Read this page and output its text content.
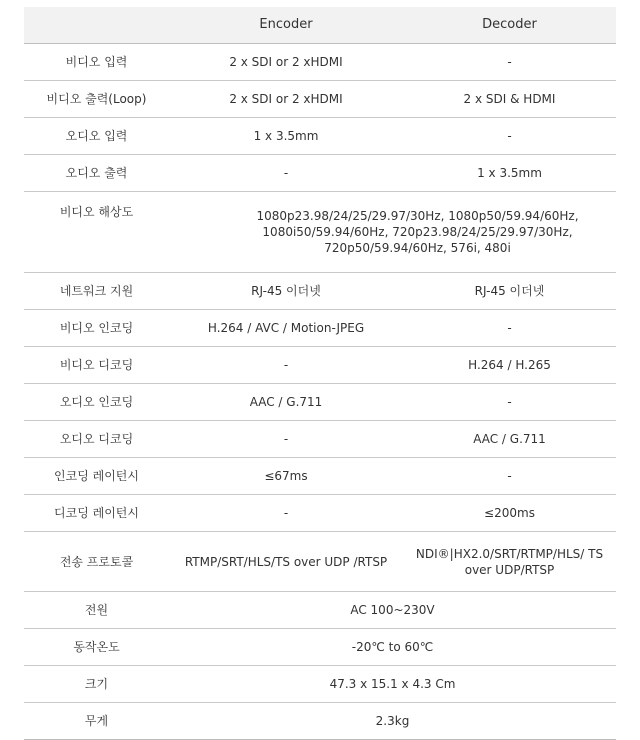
	Encoder	Decoder
비디오 입력	2 x SDI or 2 xHDMI	-
비디오 출력(Loop)	2 x SDI or 2 xHDMI	2 x SDI & HDMI
오디오 입력	1 x 3.5mm	-
오디오 출력	-	1 x 3.5mm
비디오 해상도	1080p23.98/24/25/29.97/30Hz, 1080p50/59.94/60Hz, 1080i50/59.94/60Hz, 720p23.98/24/25/29.97/30Hz, 720p50/59.94/60Hz, 576i, 480i	
네트워크 지원	RJ-45 이더넷	RJ-45 이더넷
비디오 인코딩	H.264 / AVC / Motion-JPEG	-
비디오 디코딩	-	H.264 / H.265
오디오 인코딩	AAC / G.711	-
오디오 디코딩	-	AAC / G.711
인코딩 레이턴시	≤67ms	-
디코딩 레이턴시	-	≤200ms
전송 프로토콜	RTMP/SRT/HLS/TS over UDP /RTSP	NDI®|HX2.0/SRT/RTMP/HLS/ TS over UDP/RTSP
전원	AC 100~230V	
동작온도	-20℃ to 60℃	
크기	47.3 x 15.1 x 4.3 Cm	
무게	2.3kg	
